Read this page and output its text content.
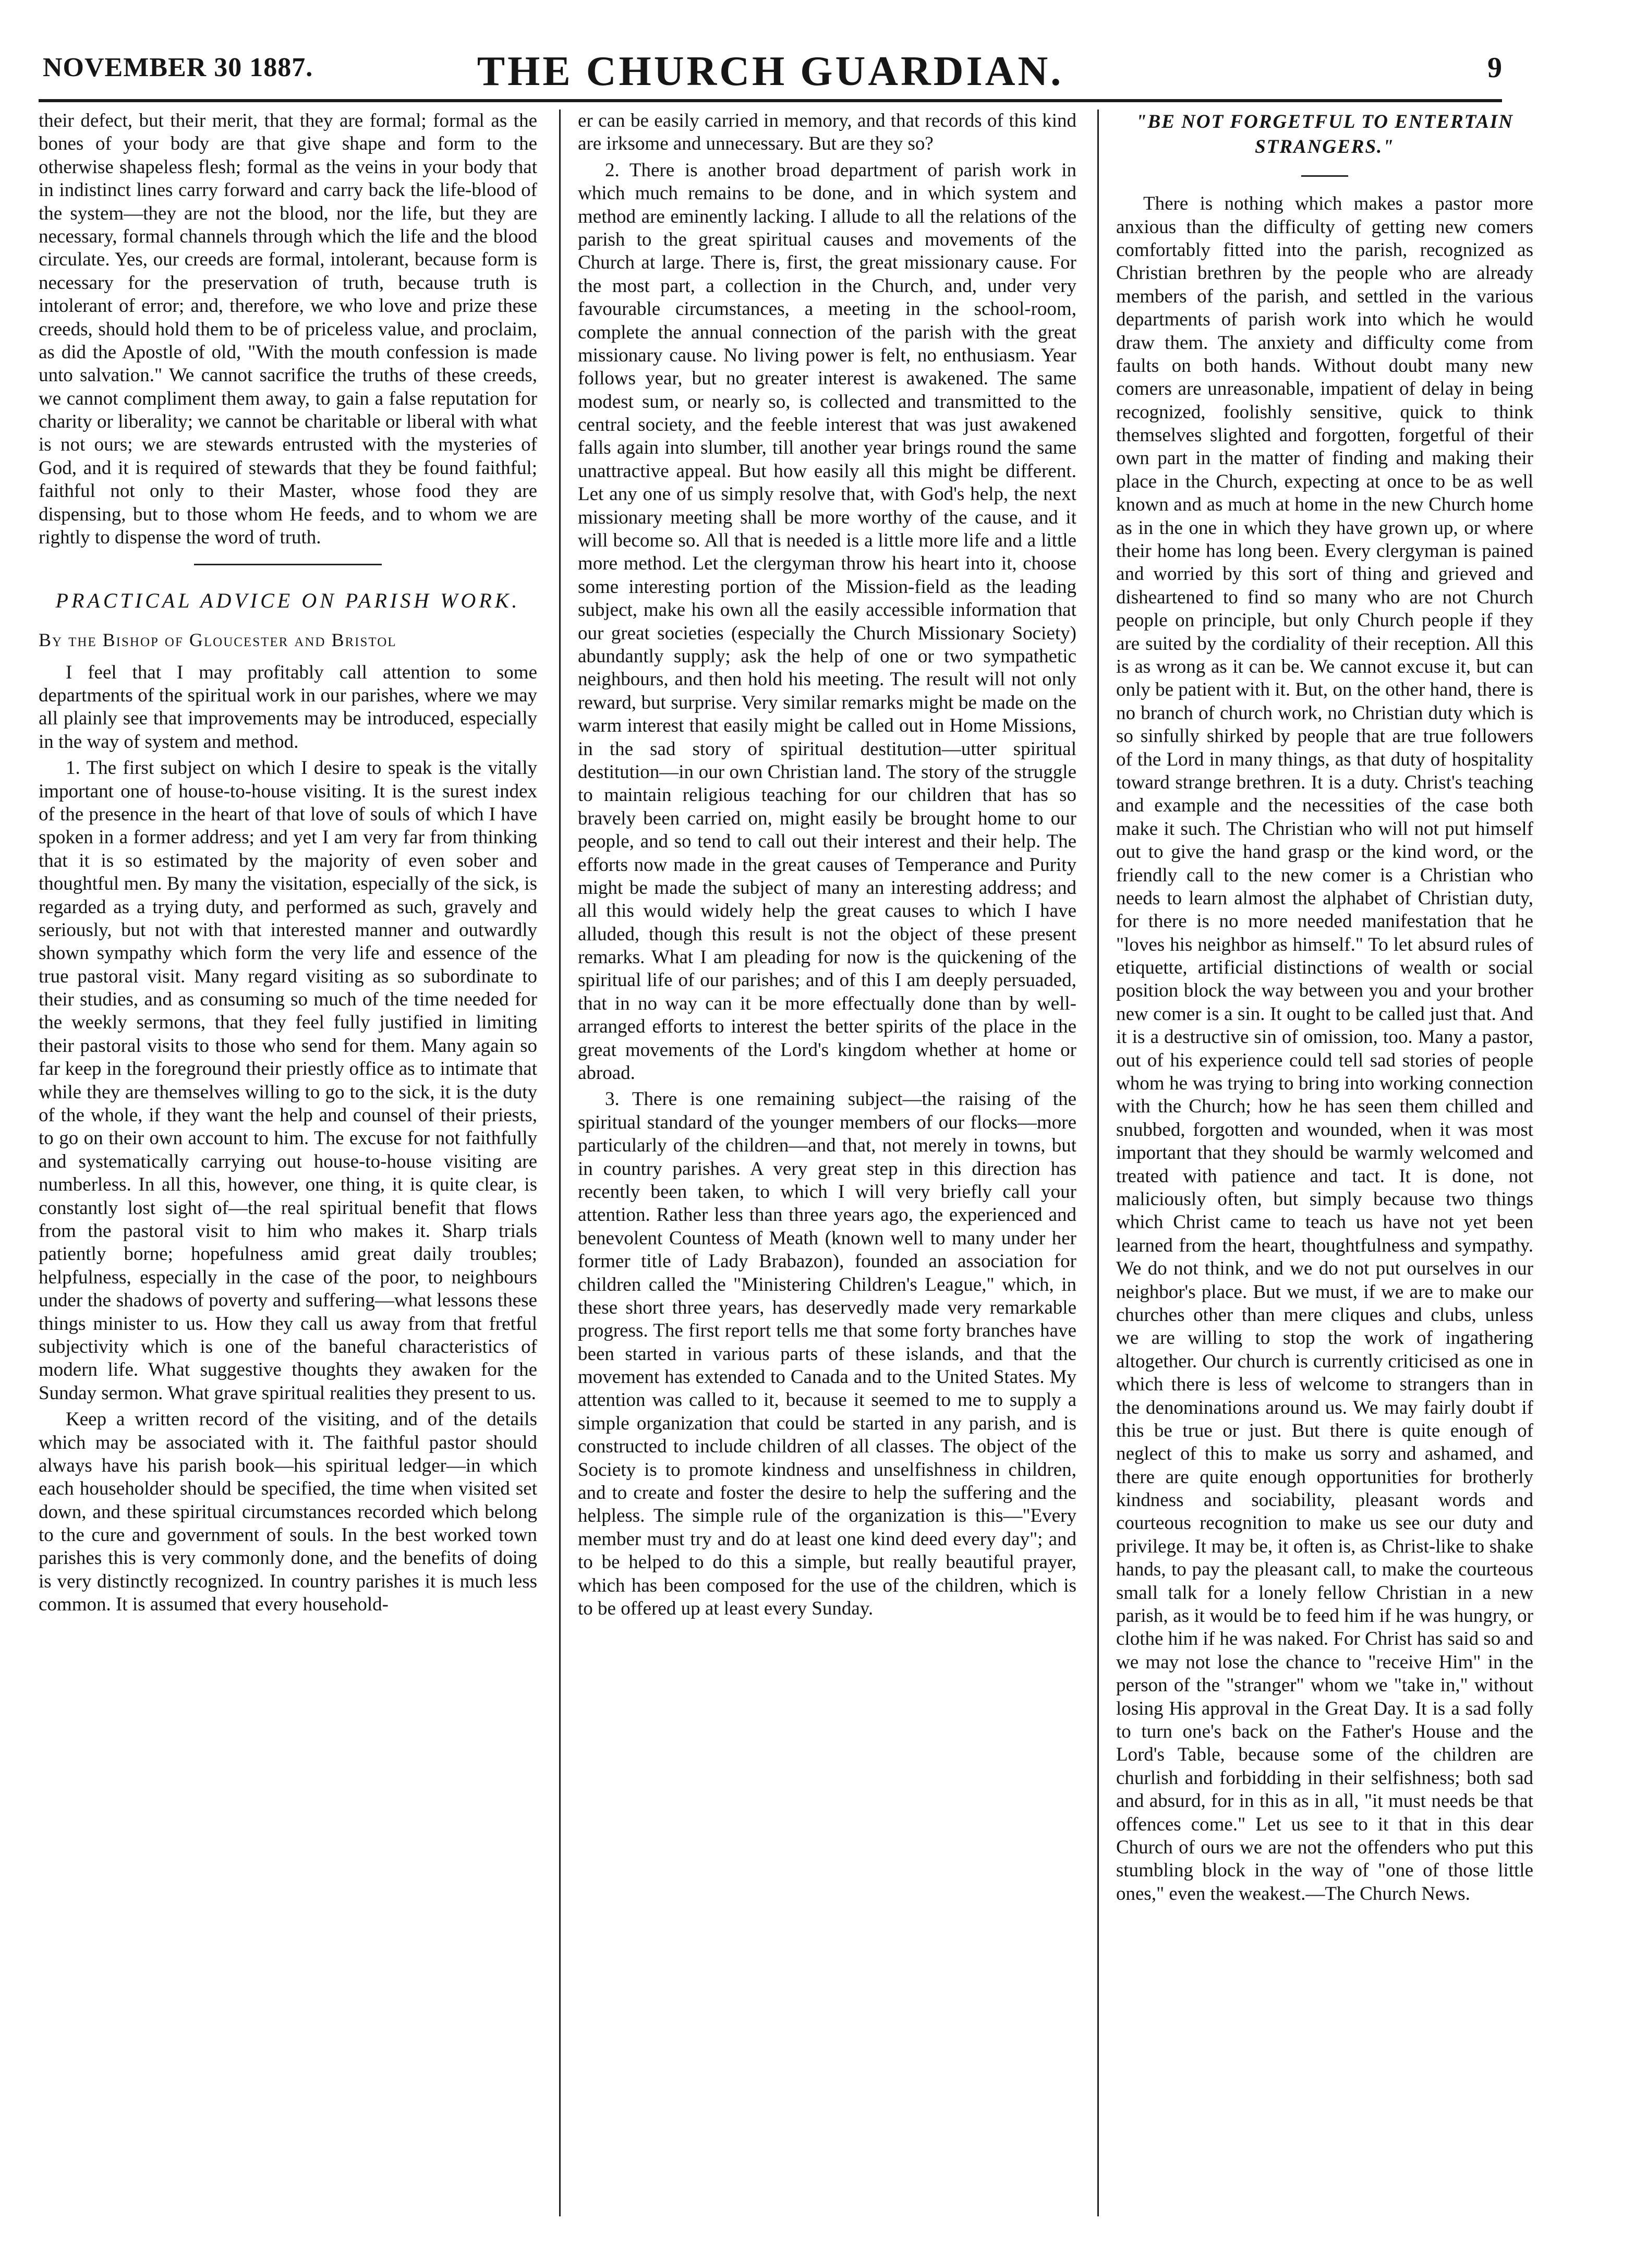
NOVEMBER 30 1887.	THE CHURCH GUARDIAN.	9

their defect, but their merit, that they are formal; formal as the bones of your body are that give shape and form to the otherwise shapeless flesh; formal as the veins in your body that in indistinct lines carry forward and carry back the life-blood of the system—they are not the blood, nor the life, but they are necessary, formal channels through which the life and the blood circulate. Yes, our creeds are formal, intolerant, because form is necessary for the preservation of truth, because truth is intolerant of error; and, therefore, we who love and prize these creeds, should hold them to be of priceless value, and proclaim, as did the Apostle of old, "With the mouth confession is made unto salvation." We cannot sacrifice the truths of these creeds, we cannot compliment them away, to gain a false reputation for charity or liberality; we cannot be charitable or liberal with what is not ours; we are stewards entrusted with the mysteries of God, and it is required of stewards that they be found faithful; faithful not only to their Master, whose food they are dispensing, but to those whom He feeds, and to whom we are rightly to dispense the word of truth.

PRACTICAL ADVICE ON PARISH WORK.
By the Bishop of Gloucester and Bristol

I feel that I may profitably call attention to some departments of the spiritual work in our parishes, where we may all plainly see that improvements may be introduced, especially in the way of system and method.

1. The first subject on which I desire to speak is the vitally important one of house-to-house visiting. It is the surest index of the presence in the heart of that love of souls of which I have spoken in a former address; and yet I am very far from thinking that it is so estimated by the majority of even sober and thoughtful men. By many the visitation, especially of the sick, is regarded as a trying duty, and performed as such, gravely and seriously, but not with that interested manner and outwardly shown sympathy which form the very life and essence of the true pastoral visit. Many regard visiting as so subordinate to their studies, and as consuming so much of the time needed for the weekly sermons, that they feel fully justified in limiting their pastoral visits to those who send for them. Many again so far keep in the foreground their priestly office as to intimate that while they are themselves willing to go to the sick, it is the duty of the whole, if they want the help and counsel of their priests, to go on their own account to him. The excuse for not faithfully and systematically carrying out house-to-house visiting are numberless. In all this, however, one thing, it is quite clear, is constantly lost sight of—the real spiritual benefit that flows from the pastoral visit to him who makes it. Sharp trials patiently borne; hopefulness amid great daily troubles; helpfulness, especially in the case of the poor, to neighbours under the shadows of poverty and suffering—what lessons these things minister to us. How they call us away from that fretful subjectivity which is one of the baneful characteristics of modern life. What suggestive thoughts they awaken for the Sunday sermon. What grave spiritual realities they present to us.

Keep a written record of the visiting, and of the details which may be associated with it. The faithful pastor should always have his parish book—his spiritual ledger—in which each householder should be specified, the time when visited set down, and these spiritual circumstances recorded which belong to the cure and government of souls. In the best worked town parishes this is very commonly done, and the benefits of doing is very distinctly recognized. In country parishes it is much less common. It is assumed that every household-

er can be easily carried in memory, and that records of this kind are irksome and unnecessary. But are they so?

2. There is another broad department of parish work in which much remains to be done, and in which system and method are eminently lacking. I allude to all the relations of the parish to the great spiritual causes and movements of the Church at large. There is, first, the great missionary cause. For the most part, a collection in the Church, and, under very favourable circumstances, a meeting in the school-room, complete the annual connection of the parish with the great missionary cause. No living power is felt, no enthusiasm. Year follows year, but no greater interest is awakened. The same modest sum, or nearly so, is collected and transmitted to the central society, and the feeble interest that was just awakened falls again into slumber, till another year brings round the same unattractive appeal. But how easily all this might be different. Let any one of us simply resolve that, with God's help, the next missionary meeting shall be more worthy of the cause, and it will become so. All that is needed is a little more life and a little more method. Let the clergyman throw his heart into it, choose some interesting portion of the Mission-field as the leading subject, make his own all the easily accessible information that our great societies (especially the Church Missionary Society) abundantly supply; ask the help of one or two sympathetic neighbours, and then hold his meeting. The result will not only reward, but surprise. Very similar remarks might be made on the warm interest that easily might be called out in Home Missions, in the sad story of spiritual destitution—utter spiritual destitution—in our own Christian land. The story of the struggle to maintain religious teaching for our children that has so bravely been carried on, might easily be brought home to our people, and so tend to call out their interest and their help. The efforts now made in the great causes of Temperance and Purity might be made the subject of many an interesting address; and all this would widely help the great causes to which I have alluded, though this result is not the object of these present remarks. What I am pleading for now is the quickening of the spiritual life of our parishes; and of this I am deeply persuaded, that in no way can it be more effectually done than by well-arranged efforts to interest the better spirits of the place in the great movements of the Lord's kingdom whether at home or abroad.

3. There is one remaining subject—the raising of the spiritual standard of the younger members of our flocks—more particularly of the children—and that, not merely in towns, but in country parishes. A very great step in this direction has recently been taken, to which I will very briefly call your attention. Rather less than three years ago, the experienced and benevolent Countess of Meath (known well to many under her former title of Lady Brabazon), founded an association for children called the "Ministering Children's League," which, in these short three years, has deservedly made very remarkable progress. The first report tells me that some forty branches have been started in various parts of these islands, and that the movement has extended to Canada and to the United States. My attention was called to it, because it seemed to me to supply a simple organization that could be started in any parish, and is constructed to include children of all classes. The object of the Society is to promote kindness and unselfishness in children, and to create and foster the desire to help the suffering and the helpless. The simple rule of the organization is this—"Every member must try and do at least one kind deed every day"; and to be helped to do this a simple, but really beautiful prayer, which has been composed for the use of the children, which is to be offered up at least every Sunday.

"BE NOT FORGETFUL TO ENTERTAIN STRANGERS."

There is nothing which makes a pastor more anxious than the difficulty of getting new comers comfortably fitted into the parish, recognized as Christian brethren by the people who are already members of the parish, and settled in the various departments of parish work into which he would draw them. The anxiety and difficulty come from faults on both hands. Without doubt many new comers are unreasonable, impatient of delay in being recognized, foolishly sensitive, quick to think themselves slighted and forgotten, forgetful of their own part in the matter of finding and making their place in the Church, expecting at once to be as well known and as much at home in the new Church home as in the one in which they have grown up, or where their home has long been. Every clergyman is pained and worried by this sort of thing and grieved and disheartened to find so many who are not Church people on principle, but only Church people if they are suited by the cordiality of their reception. All this is as wrong as it can be. We cannot excuse it, but can only be patient with it. But, on the other hand, there is no branch of church work, no Christian duty which is so sinfully shirked by people that are true followers of the Lord in many things, as that duty of hospitality toward strange brethren. It is a duty. Christ's teaching and example and the necessities of the case both make it such. The Christian who will not put himself out to give the hand grasp or the kind word, or the friendly call to the new comer is a Christian who needs to learn almost the alphabet of Christian duty, for there is no more needed manifestation that he "loves his neighbor as himself." To let absurd rules of etiquette, artificial distinctions of wealth or social position block the way between you and your brother new comer is a sin. It ought to be called just that. And it is a destructive sin of omission, too. Many a pastor, out of his experience could tell sad stories of people whom he was trying to bring into working connection with the Church; how he has seen them chilled and snubbed, forgotten and wounded, when it was most important that they should be warmly welcomed and treated with patience and tact. It is done, not maliciously often, but simply because two things which Christ came to teach us have not yet been learned from the heart, thoughtfulness and sympathy. We do not think, and we do not put ourselves in our neighbor's place. But we must, if we are to make our churches other than mere cliques and clubs, unless we are willing to stop the work of ingathering altogether. Our church is currently criticised as one in which there is less of welcome to strangers than in the denominations around us. We may fairly doubt if this be true or just. But there is quite enough of neglect of this to make us sorry and ashamed, and there are quite enough opportunities for brotherly kindness and sociability, pleasant words and courteous recognition to make us see our duty and privilege. It may be, it often is, as Christ-like to shake hands, to pay the pleasant call, to make the courteous small talk for a lonely fellow Christian in a new parish, as it would be to feed him if he was hungry, or clothe him if he was naked. For Christ has said so and we may not lose the chance to "receive Him" in the person of the "stranger" whom we "take in," without losing His approval in the Great Day. It is a sad folly to turn one's back on the Father's House and the Lord's Table, because some of the children are churlish and forbidding in their selfishness; both sad and absurd, for in this as in all, "it must needs be that offences come." Let us see to it that in this dear Church of ours we are not the offenders who put this stumbling block in the way of "one of those little ones," even the weakest.—The Church News.
